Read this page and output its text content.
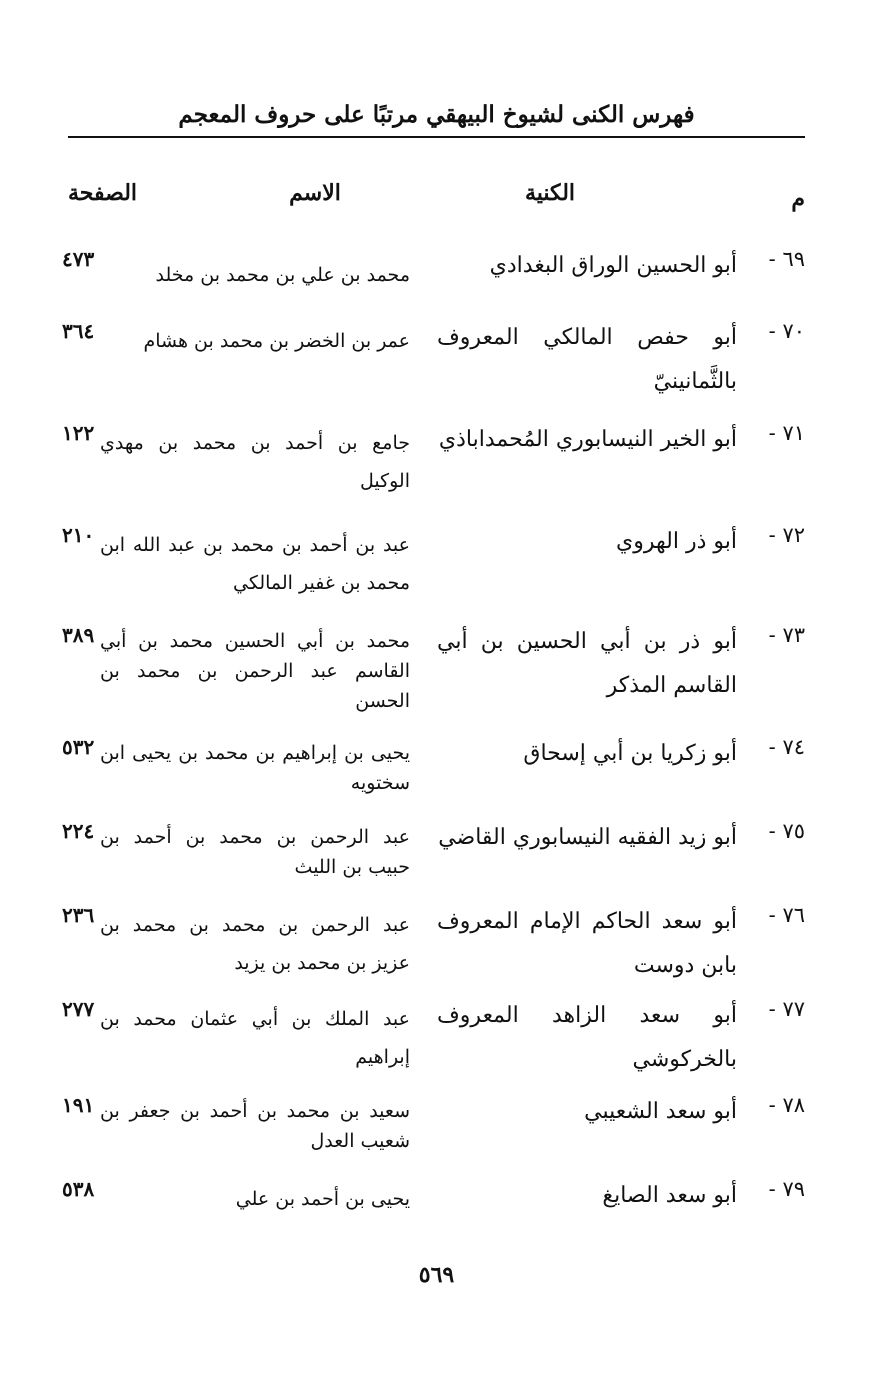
فهرس الكنى لشيوخ البيهقي مرتبًا على حروف المعجم
م
الكنية
الاسم
الصفحة
٦٩ -
أبو الحسين الوراق البغدادي
محمد بن علي بن محمد بن مخلد
٤٧٣
٧٠ -
أبو حفص المالكي المعروف بالثَّمانينيّ
عمر بن الخضر بن محمد بن هشام
٣٦٤
٧١ -
أبو الخير النيسابوري المُحمداباذي
جامع بن أحمد بن محمد بن مهدي الوكيل
١٢٢
٧٢ -
أبو ذر الهروي
عبد بن أحمد بن محمد بن عبد الله ابن محمد بن غفير المالكي
٢١٠
٧٣ -
أبو ذر بن أبي الحسين بن أبي القاسم المذكر
محمد بن أبي الحسين محمد بن أبي القاسم عبد الرحمن بن محمد بن الحسن
٣٨٩
٧٤ -
أبو زكريا بن أبي إسحاق
يحيى بن إبراهيم بن محمد بن يحيى ابن سختويه
٥٣٢
٧٥ -
أبو زيد الفقيه النيسابوري القاضي
عبد الرحمن بن محمد بن أحمد بن حبيب بن الليث
٢٢٤
٧٦ -
أبو سعد الحاكم الإمام المعروف بابن دوست
عبد الرحمن بن محمد بن محمد بن عزيز بن محمد بن يزيد
٢٣٦
٧٧ -
أبو سعد الزاهد المعروف بالخركوشي
عبد الملك بن أبي عثمان محمد بن إبراهيم
٢٧٧
٧٨ -
أبو سعد الشعيبي
سعيد بن محمد بن أحمد بن جعفر بن شعيب العدل
١٩١
٧٩ -
أبو سعد الصايغ
يحيى بن أحمد بن علي
٥٣٨
٥٦٩
